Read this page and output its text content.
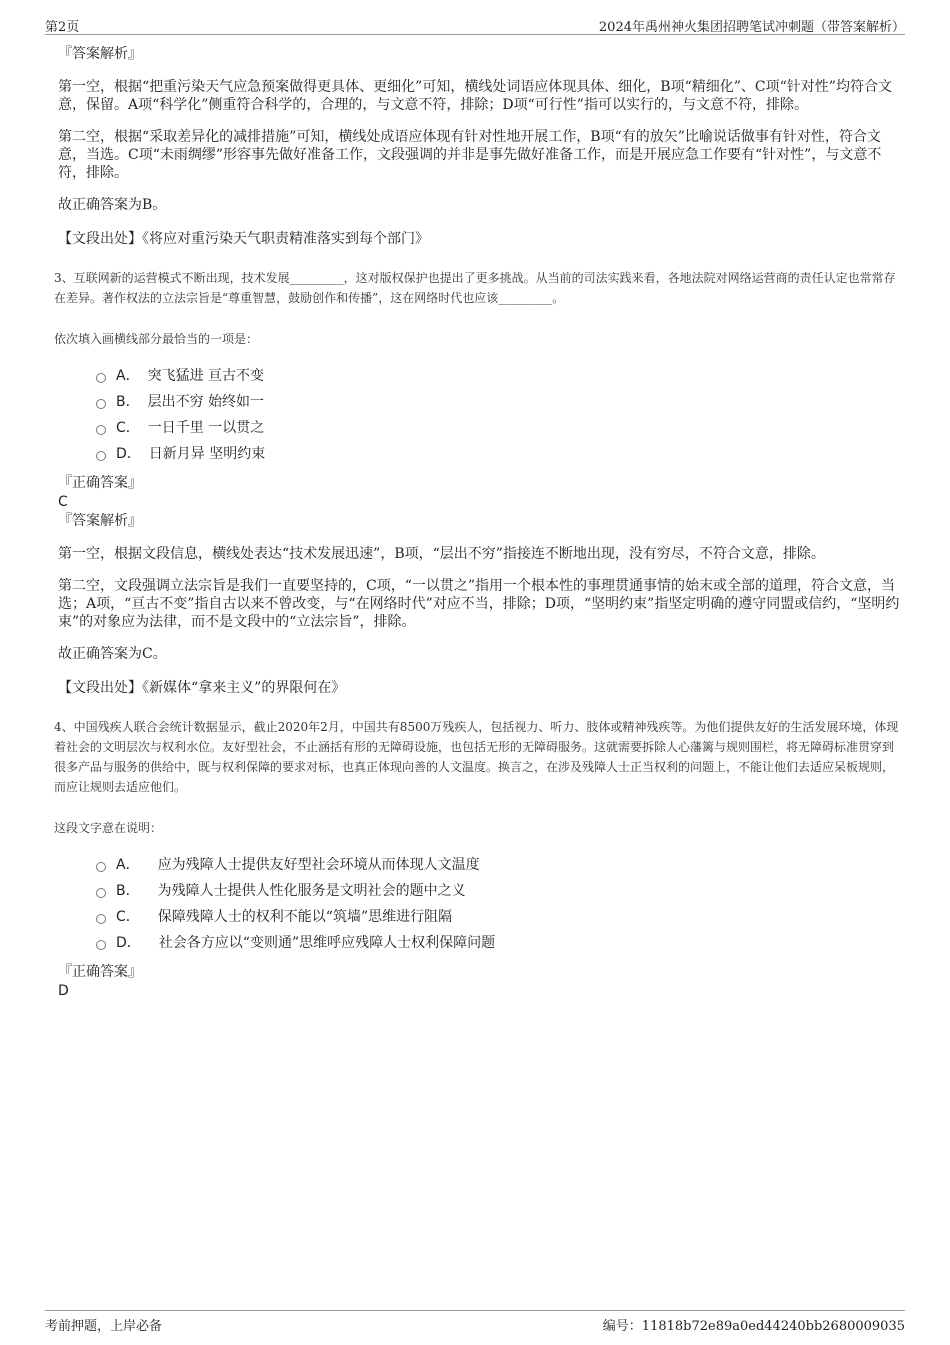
第2页	2024年禹州神火集团招聘笔试冲刺题（带答案解析）
『答案解析』

第一空，根据“把重污染天气应急预案做得更具体、更细化”可知，横线处词语应体现具体、细化，B项“精细化”、C项“针对性”均符合文意，保留。A项“科学化”侧重符合科学的，合理的，与文意不符，排除；D项“可行性”指可以实行的，与文意不符，排除。

第二空，根据“采取差异化的减排措施”可知，横线处成语应体现有针对性地开展工作，B项“有的放矢”比喻说话做事有针对性，符合文意，当选。C项“未雨绸缪”形容事先做好准备工作，文段强调的并非是事先做好准备工作，而是开展应急工作要有“针对性”，与文意不符，排除。

故正确答案为B。

【文段出处】《将应对重污染天气职责精准落实到每个部门》

3、互联网新的运营模式不断出现，技术发展_________，这对版权保护也提出了更多挑战。从当前的司法实践来看，各地法院对网络运营商的责任认定也常常存在差异。著作权法的立法宗旨是“尊重智慧，鼓励创作和传播”，这在网络时代也应该_________。

依次填入画横线部分最恰当的一项是：

A． 突飞猛进 亘古不变
B． 层出不穷 始终如一
C． 一日千里 一以贯之
D． 日新月异 坚明约束
『正确答案』
C
『答案解析』

第一空，根据文段信息，横线处表达“技术发展迅速”，B项，“层出不穷”指接连不断地出现，没有穷尽，不符合文意，排除。

第二空，文段强调立法宗旨是我们一直要坚持的，C项，“一以贯之”指用一个根本性的事理贯通事情的始末或全部的道理，符合文意，当选；A项，“亘古不变”指自古以来不曾改变，与“在网络时代”对应不当，排除；D项，“坚明约束”指坚定明确的遵守同盟或信约，“坚明约束”的对象应为法律，而不是文段中的“立法宗旨”，排除。

故正确答案为C。

【文段出处】《新媒体“拿来主义”的界限何在》

4、中国残疾人联合会统计数据显示，截止2020年2月，中国共有8500万残疾人，包括视力、听力、肢体或精神残疾等。为他们提供友好的生活发展环境，体现着社会的文明层次与权利水位。友好型社会，不止涵括有形的无障碍设施，也包括无形的无障碍服务。这就需要拆除人心藩篱与规则围栏，将无障碍标准贯穿到很多产品与服务的供给中，既与权利保障的要求对标，也真正体现向善的人文温度。换言之，在涉及残障人士正当权利的问题上，不能让他们去适应呆板规则，而应让规则去适应他们。

这段文字意在说明：

A． 应为残障人士提供友好型社会环境从而体现人文温度
B． 为残障人士提供人性化服务是文明社会的题中之义
C． 保障残障人士的权利不能以“筑墙”思维进行阻隔
D． 社会各方应以“变则通”思维呼应残障人士权利保障问题
『正确答案』
D
考前押题，上岸必备	编号：11818b72e89a0ed44240bb2680009035
